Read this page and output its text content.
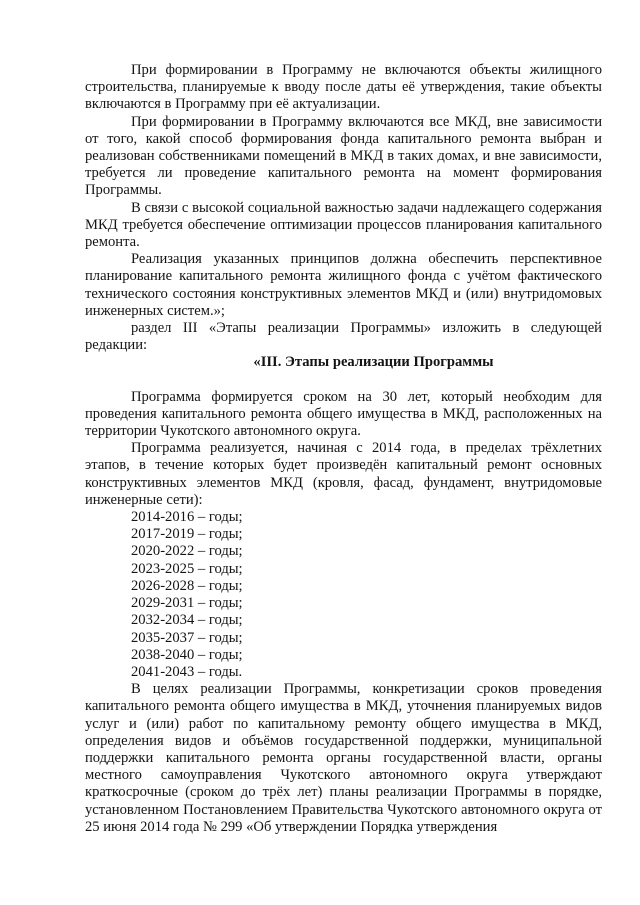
При формировании в Программу не включаются объекты жилищного строительства, планируемые к вводу после даты её утверждения, такие объекты включаются в Программу при её актуализации.

При формировании в Программу включаются все МКД, вне зависимости от того, какой способ формирования фонда капитального ремонта выбран и реализован собственниками помещений в МКД в таких домах, и вне зависимости, требуется ли проведение капитального ремонта на момент формирования Программы.

В связи с высокой социальной важностью задачи надлежащего содержания МКД требуется обеспечение оптимизации процессов планирования капитального ремонта.

Реализация указанных принципов должна обеспечить перспективное планирование капитального ремонта жилищного фонда с учётом фактического технического состояния конструктивных элементов МКД и (или) внутридомовых инженерных систем.»;

раздел III «Этапы реализации Программы» изложить в следующей редакции:

«III. Этапы реализации Программы

Программа формируется сроком на 30 лет, который необходим для проведения капитального ремонта общего имущества в МКД, расположенных на территории Чукотского автономного округа.

Программа реализуется, начиная с 2014 года, в пределах трёхлетних этапов, в течение которых будет произведён капитальный ремонт основных конструктивных элементов МКД (кровля, фасад, фундамент, внутридомовые инженерные сети):

2014-2016 – годы;
2017-2019 – годы;
2020-2022 – годы;
2023-2025 – годы;
2026-2028 – годы;
2029-2031 – годы;
2032-2034 – годы;
2035-2037 – годы;
2038-2040 – годы;
2041-2043 – годы.

В целях реализации Программы, конкретизации сроков проведения капитального ремонта общего имущества в МКД, уточнения планируемых видов услуг и (или) работ по капитальному ремонту общего имущества в МКД, определения видов и объёмов государственной поддержки, муниципальной поддержки капитального ремонта органы государственной власти, органы местного самоуправления Чукотского автономного округа утверждают краткосрочные (сроком до трёх лет) планы реализации Программы в порядке, установленном Постановлением Правительства Чукотского автономного округа от 25 июня 2014 года № 299 «Об утверждении Порядка утверждения
